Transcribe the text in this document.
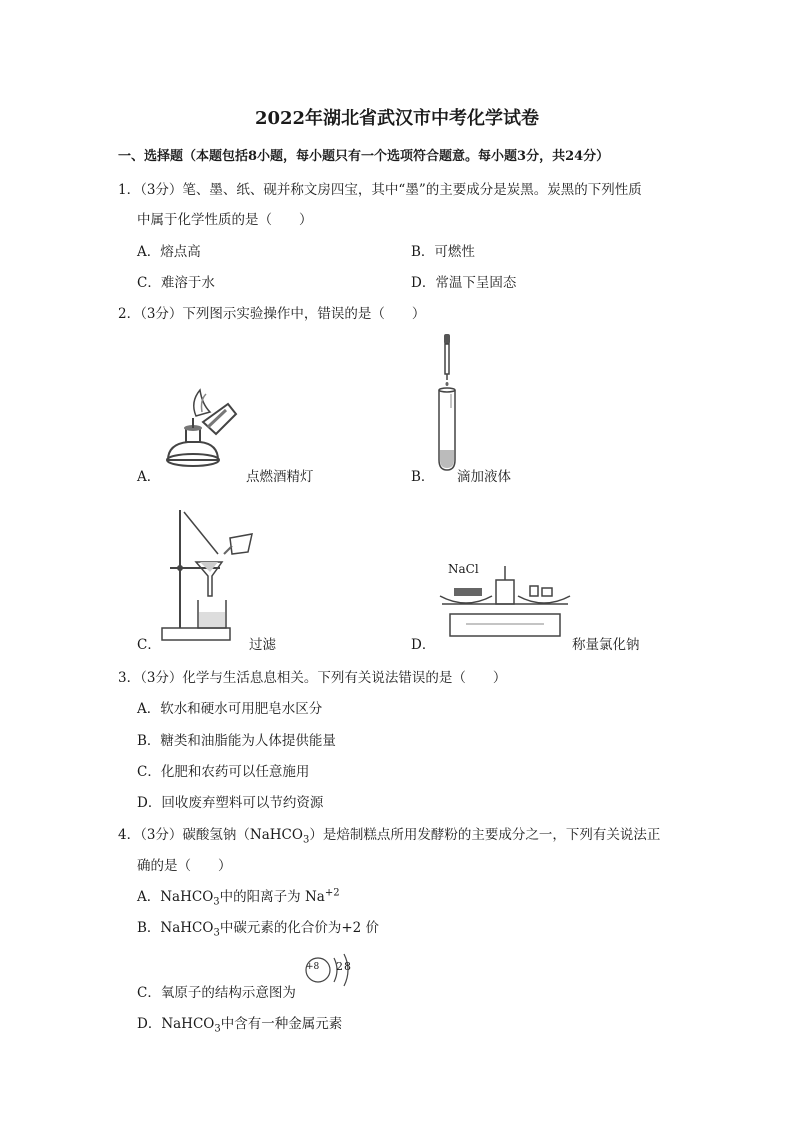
2022年湖北省武汉市中考化学试卷
一、选择题（本题包括8小题，每小题只有一个选项符合题意。每小题3分，共24分）
1．（3分）笔、墨、纸、砚并称文房四宝，其中“墨”的主要成分是炭黑。炭黑的下列性质
中属于化学性质的是（　　）
A．熔点高	B．可燃性
C．难溶于水	D．常温下呈固态
2．（3分）下列图示实验操作中，错误的是（　　）
A．	点燃酒精灯	B． 滴加液体
C．	过滤
NaCl
D．	称量氯化钠
3．（3分）化学与生活息息相关。下列有关说法错误的是（　　）
A．软水和硬水可用肥皂水区分
B．糖类和油脂能为人体提供能量
C．化肥和农药可以任意施用
D．回收废弃塑料可以节约资源
4．（3分）碳酸氢钠（NaHCO$_3$）是焙制糕点所用发酵粉的主要成分之一，下列有关说法正
确的是（　　）
A．NaHCO$_3$中的阳离子为 $Na^{+2}$
B．NaHCO$_3$中碳元素的化合价为+2 价
C．氧原子的结构示意图为
+8 2 8
D．NaHCO$_3$中含有一种金属元素
